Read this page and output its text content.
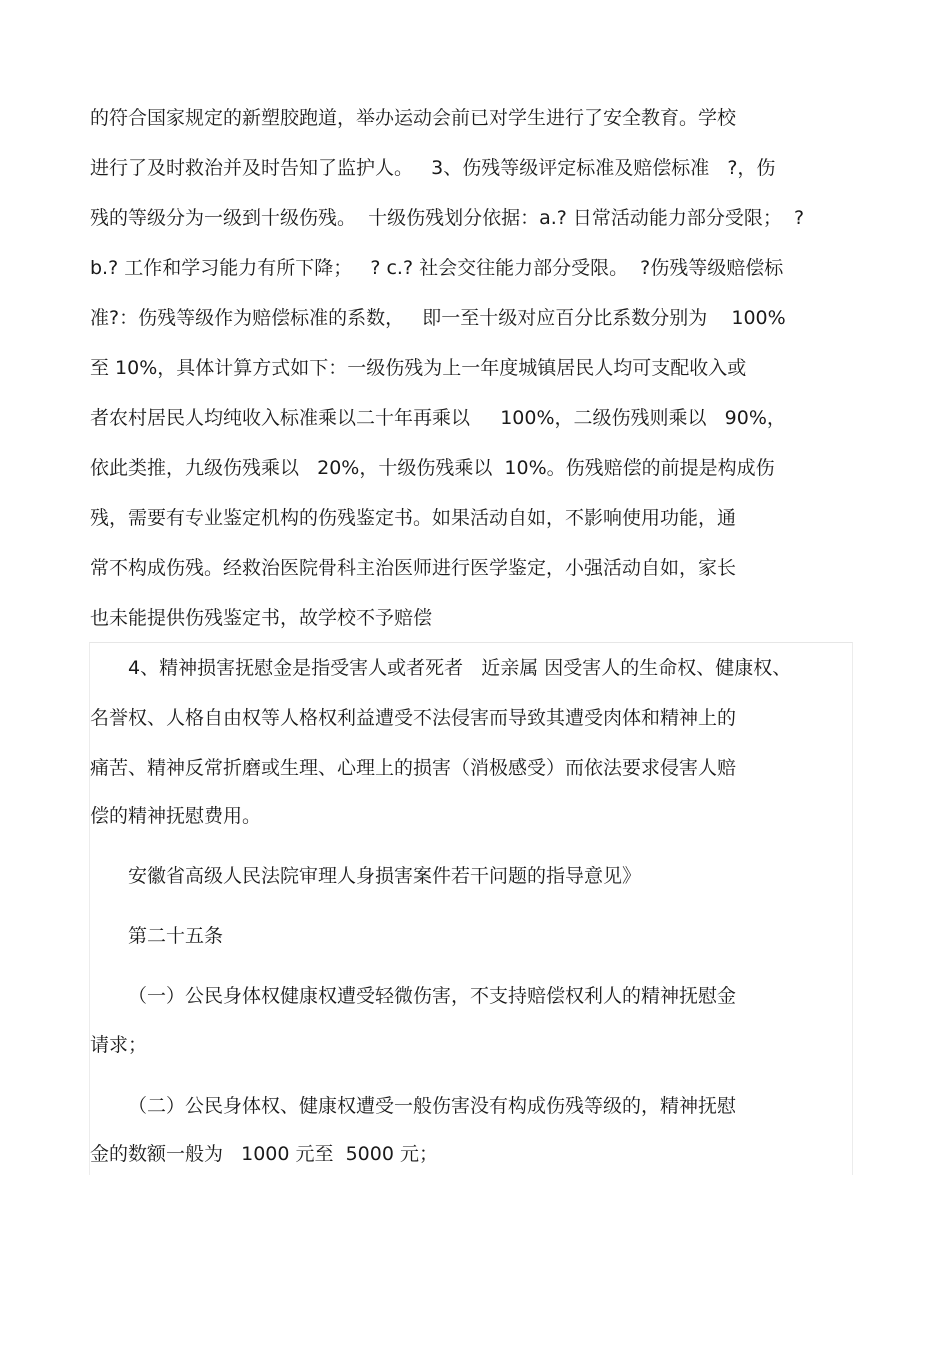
的符合国家规定的新塑胶跑道，举办运动会前已对学生进行了安全教育。学校
进行了及时救治并及时告知了监护人。   3、伤残等级评定标准及赔偿标准   ?，伤
残的等级分为一级到十级伤残。  十级伤残划分依据：a.? 日常活动能力部分受限；  ?
b.? 工作和学习能力有所下降；   ? c.? 社会交往能力部分受限。  ?伤残等级赔偿标
准?：伤残等级作为赔偿标准的系数，   即一至十级对应百分比系数分别为    100%
至 10%，具体计算方式如下：一级伤残为上一年度城镇居民人均可支配收入或
者农村居民人均纯收入标准乘以二十年再乘以     100%，二级伤残则乘以   90%，
依此类推，九级伤残乘以   20%，十级伤残乘以  10%。伤残赔偿的前提是构成伤
残，需要有专业鉴定机构的伤残鉴定书。如果活动自如，不影响使用功能，通
常不构成伤残。经救治医院骨科主治医师进行医学鉴定，小强活动自如，家长
也未能提供伤残鉴定书，故学校不予赔偿
4、精神损害抚慰金是指受害人或者死者   近亲属 因受害人的生命权、健康权、
名誉权、人格自由权等人格权利益遭受不法侵害而导致其遭受肉体和精神上的
痛苦、精神反常折磨或生理、心理上的损害（消极感受）而依法要求侵害人赔
偿的精神抚慰费用。
安徽省高级人民法院审理人身损害案件若干问题的指导意见》
第二十五条
（一）公民身体权健康权遭受轻微伤害，不支持赔偿权利人的精神抚慰金
请求；
（二）公民身体权、健康权遭受一般伤害没有构成伤残等级的，精神抚慰
金的数额一般为   1000 元至  5000 元；
